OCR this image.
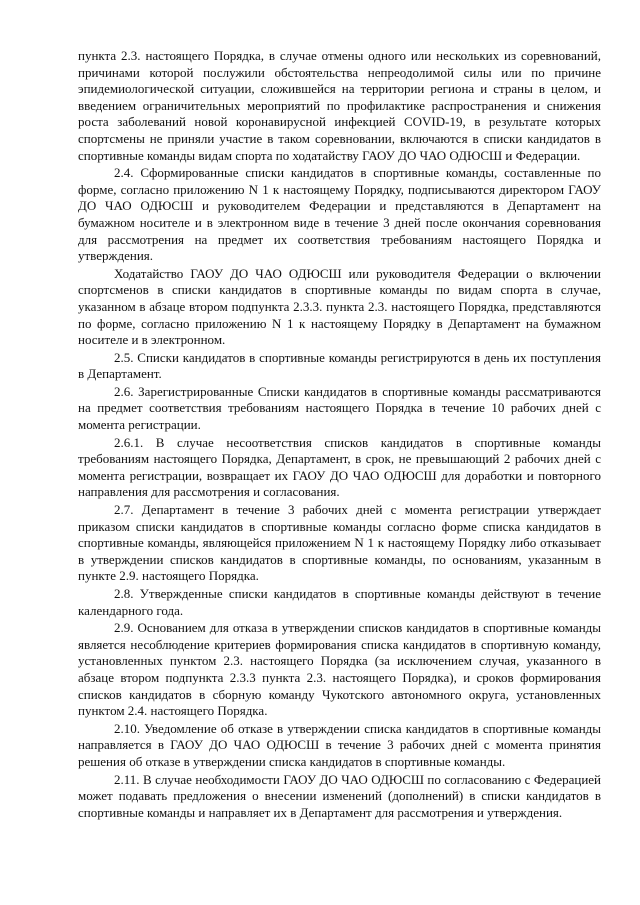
пункта 2.3. настоящего Порядка, в случае отмены одного или нескольких из соревнований, причинами которой послужили обстоятельства непреодолимой силы или по причине эпидемиологической ситуации, сложившейся на территории региона и страны в целом, и введением ограничительных мероприятий по профилактике распространения и снижения роста заболеваний новой коронавирусной инфекцией COVID-19, в результате которых спортсмены не приняли участие в таком соревновании, включаются в списки кандидатов в спортивные команды видам спорта по ходатайству ГАОУ ДО ЧАО ОДЮСШ и Федерации.

2.4. Сформированные списки кандидатов в спортивные команды, составленные по форме, согласно приложению N 1 к настоящему Порядку, подписываются директором ГАОУ ДО ЧАО ОДЮСШ и руководителем Федерации и представляются в Департамент на бумажном носителе и в электронном виде в течение 3 дней после окончания соревнования для рассмотрения на предмет их соответствия требованиям настоящего Порядка и утверждения.

Ходатайство ГАОУ ДО ЧАО ОДЮСШ или руководителя Федерации о включении спортсменов в списки кандидатов в спортивные команды по видам спорта в случае, указанном в абзаце втором подпункта 2.3.3. пункта 2.3. настоящего Порядка, представляются по форме, согласно приложению N 1 к настоящему Порядку в Департамент на бумажном носителе и в электронном.

2.5. Списки кандидатов в спортивные команды регистрируются в день их поступления в Департамент.

2.6. Зарегистрированные Списки кандидатов в спортивные команды рассматриваются на предмет соответствия требованиям настоящего Порядка в течение 10 рабочих дней с момента регистрации.

2.6.1. В случае несоответствия списков кандидатов в спортивные команды требованиям настоящего Порядка, Департамент, в срок, не превышающий 2 рабочих дней с момента регистрации, возвращает их ГАОУ ДО ЧАО ОДЮСШ для доработки и повторного направления для рассмотрения и согласования.

2.7. Департамент в течение 3 рабочих дней с момента регистрации утверждает приказом списки кандидатов в спортивные команды согласно форме списка кандидатов в спортивные команды, являющейся приложением N 1 к настоящему Порядку либо отказывает в утверждении списков кандидатов в спортивные команды, по основаниям, указанным в пункте 2.9. настоящего Порядка.

2.8. Утвержденные списки кандидатов в спортивные команды действуют в течение календарного года.

2.9. Основанием для отказа в утверждении списков кандидатов в спортивные команды является несоблюдение критериев формирования списка кандидатов в спортивную команду, установленных пунктом 2.3. настоящего Порядка (за исключением случая, указанного в абзаце втором подпункта 2.3.3 пункта 2.3. настоящего Порядка), и сроков формирования списков кандидатов в сборную команду Чукотского автономного округа, установленных пунктом 2.4. настоящего Порядка.

2.10. Уведомление об отказе в утверждении списка кандидатов в спортивные команды направляется в ГАОУ ДО ЧАО ОДЮСШ в течение 3 рабочих дней с момента принятия решения об отказе в утверждении списка кандидатов в спортивные команды.

2.11. В случае необходимости ГАОУ ДО ЧАО ОДЮСШ по согласованию с Федерацией может подавать предложения о внесении изменений (дополнений) в списки кандидатов в спортивные команды и направляет их в Департамент для рассмотрения и утверждения.
